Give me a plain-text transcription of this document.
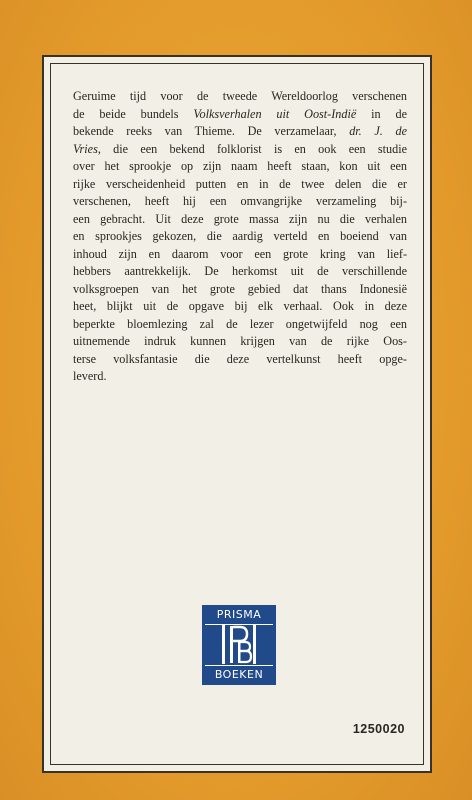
Geruime tijd voor de tweede Wereldoorlog verschenen
de beide bundels Volksverhalen uit Oost-Indië in de
bekende reeks van Thieme. De verzamelaar, dr. J. de
Vries, die een bekend folklorist is en ook een studie
over het sprookje op zijn naam heeft staan, kon uit een
rijke verscheidenheid putten en in de twee delen die er
verschenen, heeft hij een omvangrijke verzameling bij-
een gebracht. Uit deze grote massa zijn nu die verhalen
en sprookjes gekozen, die aardig verteld en boeiend van
inhoud zijn en daarom voor een grote kring van lief-
hebbers aantrekkelijk. De herkomst uit de verschillende
volksgroepen van het grote gebied dat thans Indonesië
heet, blijkt uit de opgave bij elk verhaal. Ook in deze
beperkte bloemlezing zal de lezer ongetwijfeld nog een
uitnemende indruk kunnen krijgen van de rijke Oos-
terse volksfantasie die deze vertelkunst heeft opge-
leverd.

PRISMA
BOEKEN
1250020
